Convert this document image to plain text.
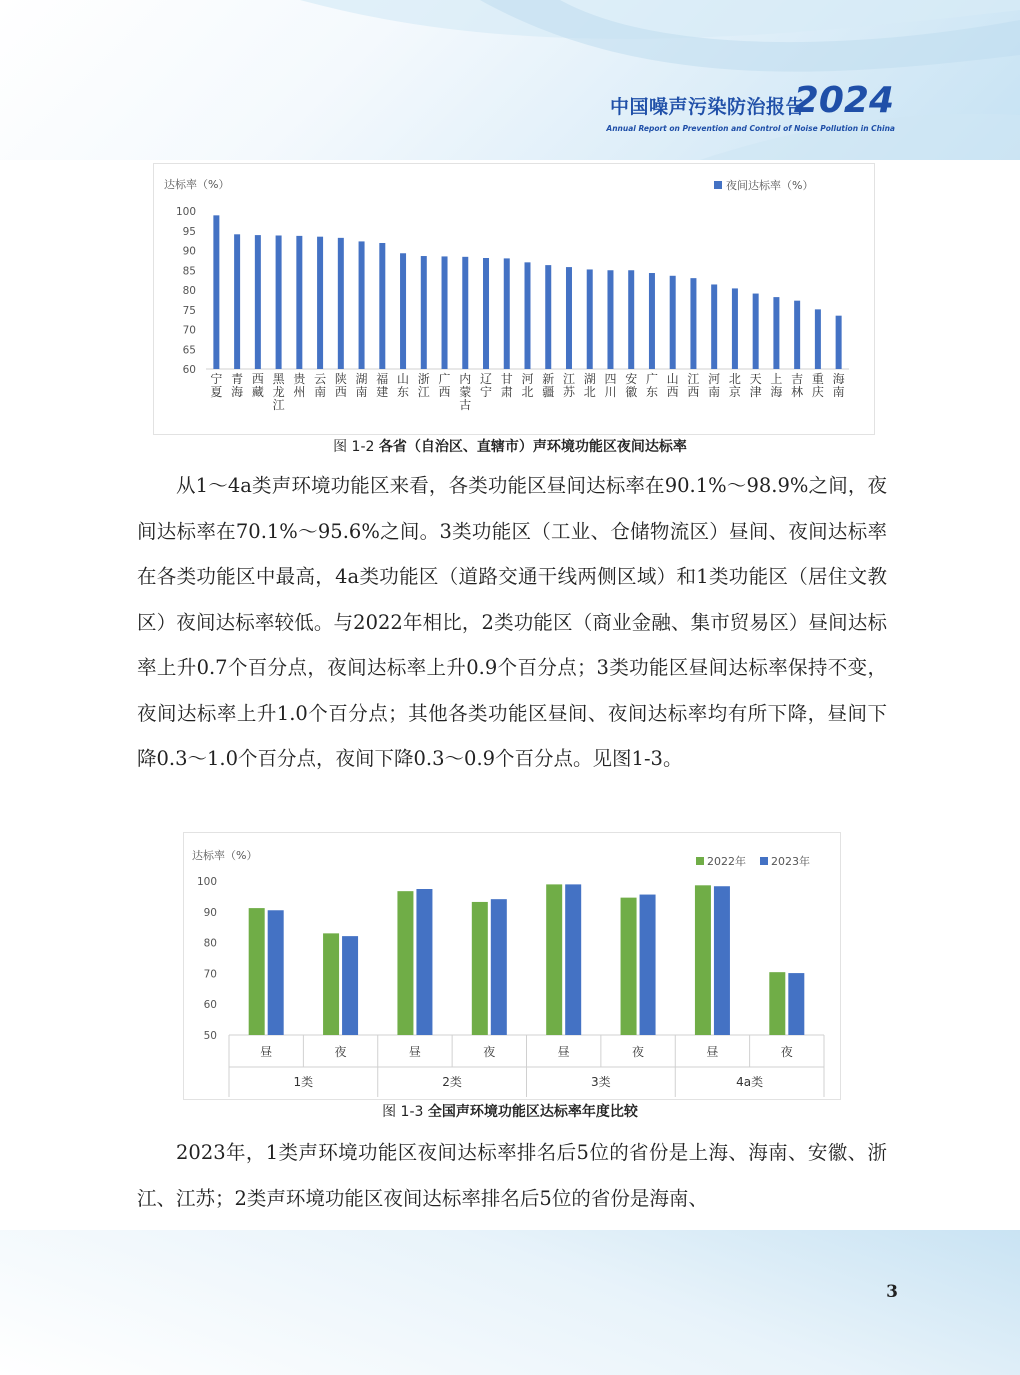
中国噪声污染防治报告
2024
Annual Report on Prevention and Control of Noise Pollution in China
达标率（%）	夜间达标率（%）
60
65
70
75
80
85
90
95
100
宁夏
青海
西藏
黑龙江
贵州
云南
陕西
湖南
福建
山东
浙江
广西
内蒙古
辽宁
甘肃
河北
新疆
江苏
湖北
四川
安徽
广东
山西
江西
河南
北京
天津
上海
吉林
重庆
海南
图 1-2 各省（自治区、直辖市）声环境功能区夜间达标率
从1～4a类声环境功能区来看，各类功能区昼间达标率在90.1%～98.9%之间，夜间达标率在70.1%～95.6%之间。3类功能区（工业、仓储物流区）昼间、夜间达标率在各类功能区中最高，4a类功能区（道路交通干线两侧区域）和1类功能区（居住文教区）夜间达标率较低。与2022年相比，2类功能区（商业金融、集市贸易区）昼间达标率上升0.7个百分点，夜间达标率上升0.9个百分点；3类功能区昼间达标率保持不变，夜间达标率上升1.0个百分点；其他各类功能区昼间、夜间达标率均有所下降，昼间下降0.3～1.0个百分点，夜间下降0.3～0.9个百分点。见图1-3。
达标率（%）	2022年 2023年
50
60
70
80
90
100
昼	夜	昼	夜	昼	夜	昼	夜
1类	2类	3类	4a类
图 1-3 全国声环境功能区达标率年度比较
2023年，1类声环境功能区夜间达标率排名后5位的省份是上海、海南、安徽、浙江、江苏；2类声环境功能区夜间达标率排名后5位的省份是海南、
3
